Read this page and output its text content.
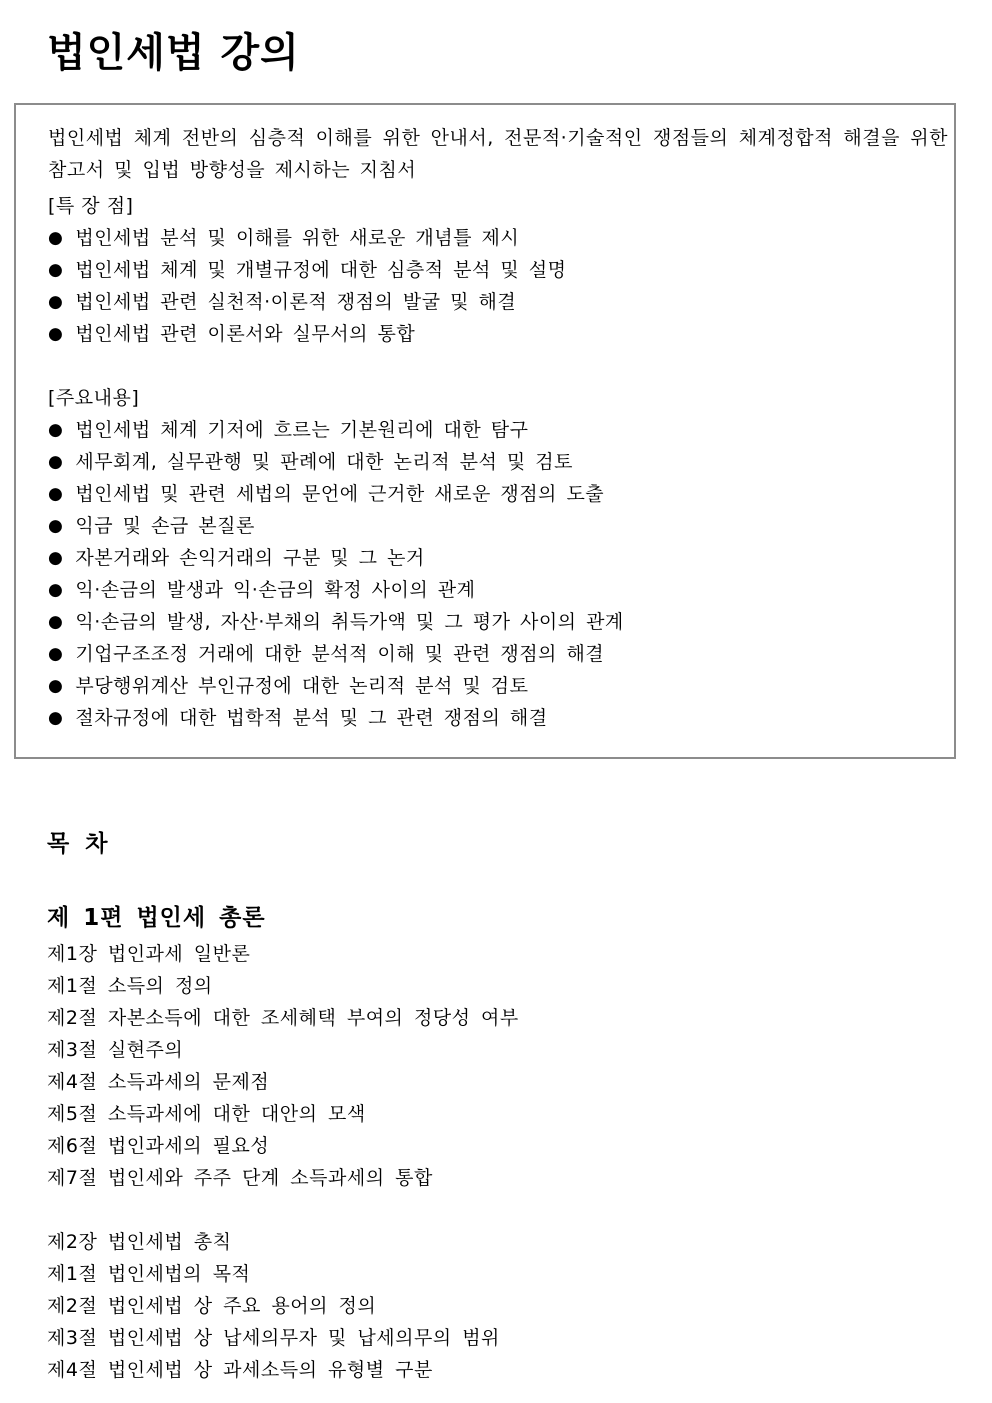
법인세법 강의

법인세법 체계 전반의 심층적 이해를 위한 안내서, 전문적‧기술적인 쟁점들의 체계정합적 해결을 위한 참고서 및 입법 방향성을 제시하는 지침서

[특 장 점]
● 법인세법 분석 및 이해를 위한 새로운 개념틀 제시
● 법인세법 체계 및 개별규정에 대한 심층적 분석 및 설명
● 법인세법 관련 실천적‧이론적 쟁점의 발굴 및 해결
● 법인세법 관련 이론서와 실무서의 통합
[주요내용]
● 법인세법 체계 기저에 흐르는 기본원리에 대한 탐구
● 세무회계, 실무관행 및 판례에 대한 논리적 분석 및 검토
● 법인세법 및 관련 세법의 문언에 근거한 새로운 쟁점의 도출
● 익금 및 손금 본질론
● 자본거래와 손익거래의 구분 및 그 논거
● 익‧손금의 발생과 익‧손금의 확정 사이의 관계
● 익‧손금의 발생, 자산‧부채의 취득가액 및 그 평가 사이의 관계
● 기업구조조정 거래에 대한 분석적 이해 및 관련 쟁점의 해결
● 부당행위계산 부인규정에 대한 논리적 분석 및 검토
● 절차규정에 대한 법학적 분석 및 그 관련 쟁점의 해결
목 차
제 1편 법인세 총론
제1장 법인과세 일반론
제1절 소득의 정의
제2절 자본소득에 대한 조세혜택 부여의 정당성 여부
제3절 실현주의
제4절 소득과세의 문제점
제5절 소득과세에 대한 대안의 모색
제6절 법인과세의 필요성
제7절 법인세와 주주 단계 소득과세의 통합
제2장 법인세법 총칙
제1절 법인세법의 목적
제2절 법인세법 상 주요 용어의 정의
제3절 법인세법 상 납세의무자 및 납세의무의 범위
제4절 법인세법 상 과세소득의 유형별 구분
